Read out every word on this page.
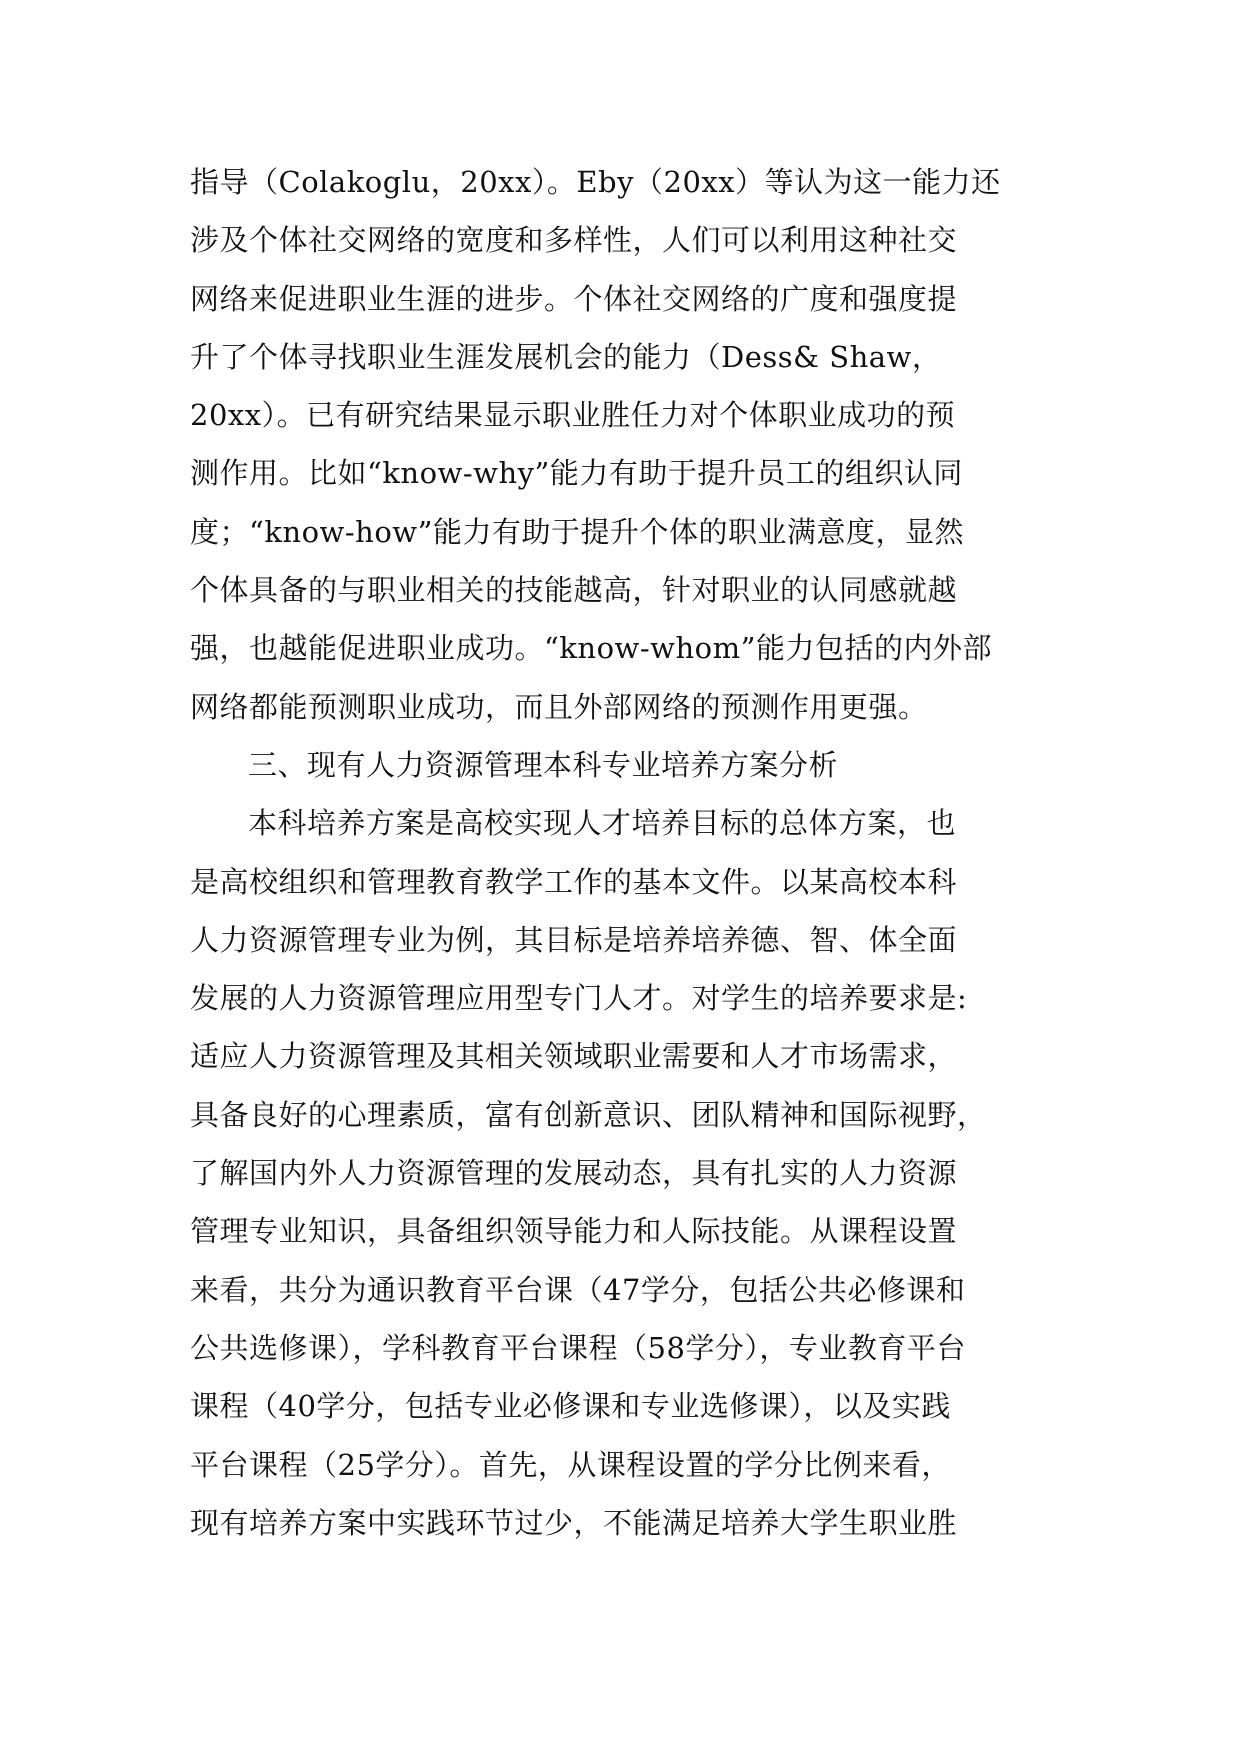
指导（Colakoglu，20xx）。Eby（20xx）等认为这一能力还
涉及个体社交网络的宽度和多样性，人们可以利用这种社交
网络来促进职业生涯的进步。个体社交网络的广度和强度提
升了个体寻找职业生涯发展机会的能力（Dess& Shaw，
20xx）。已有研究结果显示职业胜任力对个体职业成功的预
测作用。比如“know-why”能力有助于提升员工的组织认同
度；“know-how”能力有助于提升个体的职业满意度，显然
个体具备的与职业相关的技能越高，针对职业的认同感就越
强，也越能促进职业成功。“know-whom”能力包括的内外部
网络都能预测职业成功，而且外部网络的预测作用更强。
三、现有人力资源管理本科专业培养方案分析
本科培养方案是高校实现人才培养目标的总体方案，也
是高校组织和管理教育教学工作的基本文件。以某高校本科
人力资源管理专业为例，其目标是培养培养德、智、体全面
发展的人力资源管理应用型专门人才。对学生的培养要求是:
适应人力资源管理及其相关领域职业需要和人才市场需求，
具备良好的心理素质，富有创新意识、团队精神和国际视野，
了解国内外人力资源管理的发展动态，具有扎实的人力资源
管理专业知识，具备组织领导能力和人际技能。从课程设置
来看，共分为通识教育平台课（47学分，包括公共必修课和
公共选修课），学科教育平台课程（58学分），专业教育平台
课程（40学分，包括专业必修课和专业选修课），以及实践
平台课程（25学分）。首先，从课程设置的学分比例来看，
现有培养方案中实践环节过少，不能满足培养大学生职业胜
